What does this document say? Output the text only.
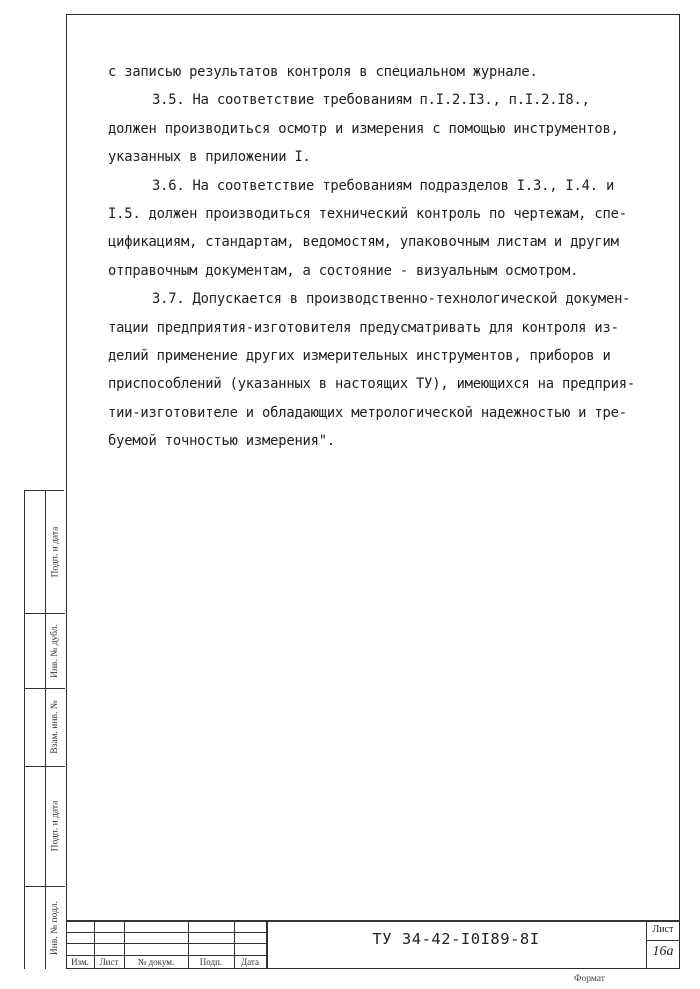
с записью результатов контроля в специальном журнале.

3.5. На соответствие требованиям п.I.2.I3., п.I.2.I8.,

должен производиться осмотр и измерения с помощью инструментов,

указанных в приложении I.

3.6. На соответствие требованиям подразделов I.3., I.4. и

I.5. должен производиться технический контроль по чертежам, спе-

цификациям, стандартам, ведомостям, упаковочным листам и другим

отправочным документам, а состояние - визуальным осмотром.

3.7. Допускается в производственно-технологической докумен-

тации предприятия-изготовителя предусматривать для контроля из-

делий применение других измерительных инструментов, приборов и

приспособлений (указанных в настоящих ТУ), имеющихся на предприя-

тии-изготовителе и обладающих метрологической надежностью и тре-

буемой точностью измерения".

Подп. и дата
Инв. № дубл.
Взам. инв. №
Подп. и дата
Инв. № подл.
Изм.	Лист	№ докум.	Подп.	Дата
ТУ 34-42-I0I89-8I
Лист
16а
Формат
